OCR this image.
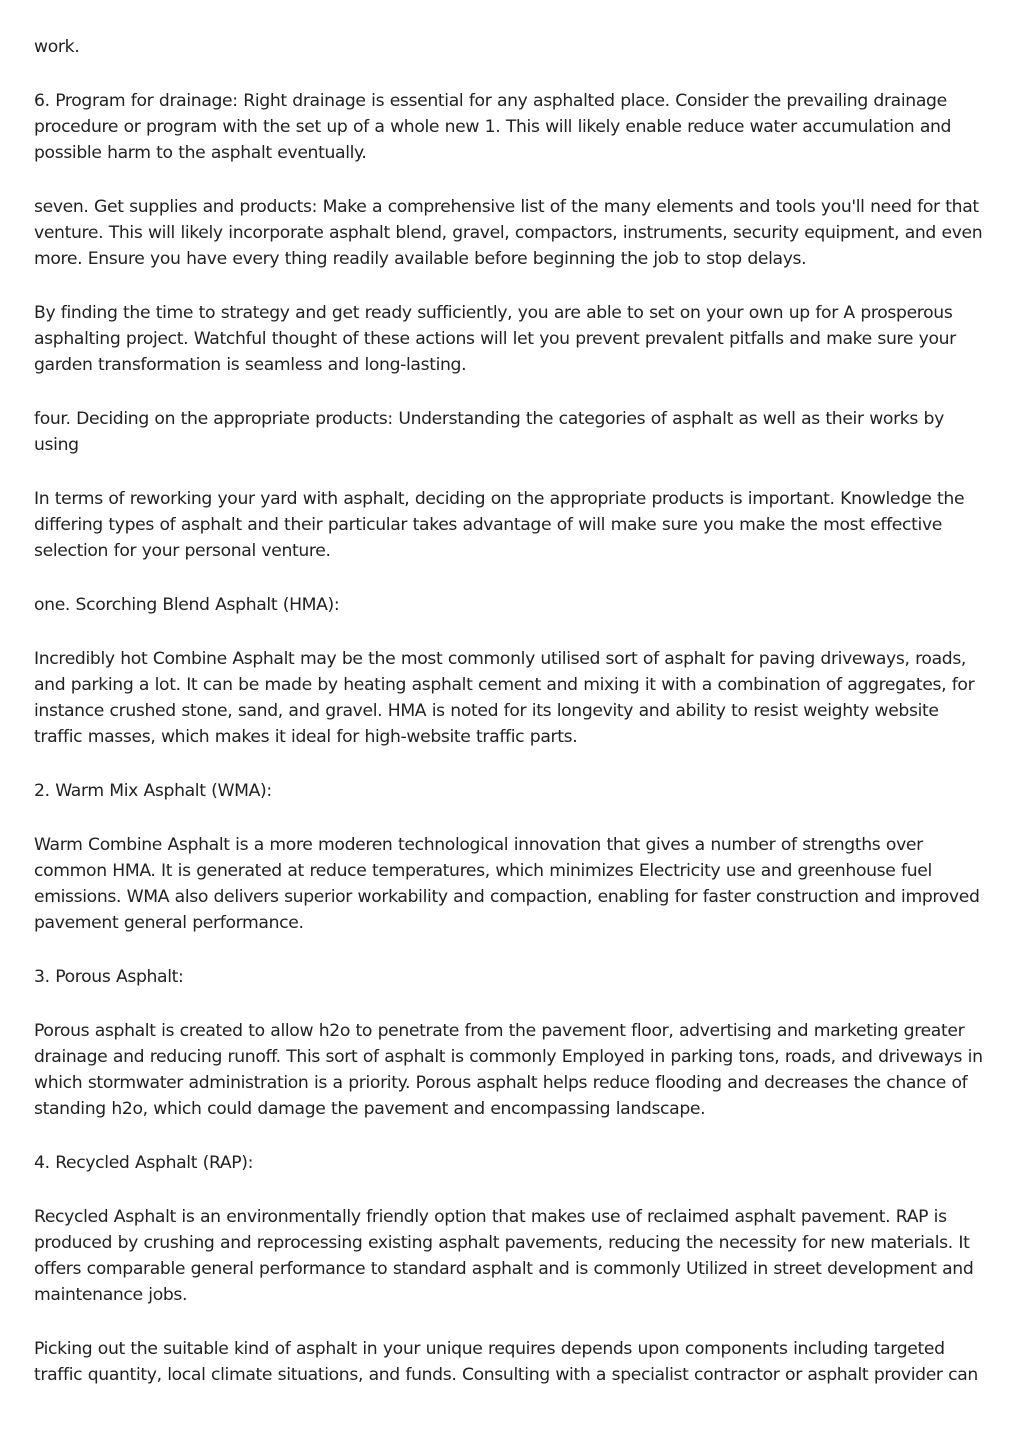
work.

6. Program for drainage: Right drainage is essential for any asphalted place. Consider the prevailing drainage procedure or program with the set up of a whole new 1. This will likely enable reduce water accumulation and possible harm to the asphalt eventually.

seven. Get supplies and products: Make a comprehensive list of the many elements and tools you'll need for that venture. This will likely incorporate asphalt blend, gravel, compactors, instruments, security equipment, and even more. Ensure you have every thing readily available before beginning the job to stop delays.

By finding the time to strategy and get ready sufficiently, you are able to set on your own up for A prosperous asphalting project. Watchful thought of these actions will let you prevent prevalent pitfalls and make sure your garden transformation is seamless and long-lasting.

four. Deciding on the appropriate products: Understanding the categories of asphalt as well as their works by using

In terms of reworking your yard with asphalt, deciding on the appropriate products is important. Knowledge the differing types of asphalt and their particular takes advantage of will make sure you make the most effective selection for your personal venture.

one. Scorching Blend Asphalt (HMA):

Incredibly hot Combine Asphalt may be the most commonly utilised sort of asphalt for paving driveways, roads, and parking a lot. It can be made by heating asphalt cement and mixing it with a combination of aggregates, for instance crushed stone, sand, and gravel. HMA is noted for its longevity and ability to resist weighty website traffic masses, which makes it ideal for high-website traffic parts.

2. Warm Mix Asphalt (WMA):

Warm Combine Asphalt is a more moderen technological innovation that gives a number of strengths over common HMA. It is generated at reduce temperatures, which minimizes Electricity use and greenhouse fuel emissions. WMA also delivers superior workability and compaction, enabling for faster construction and improved pavement general performance.

3. Porous Asphalt:

Porous asphalt is created to allow h2o to penetrate from the pavement floor, advertising and marketing greater drainage and reducing runoff. This sort of asphalt is commonly Employed in parking tons, roads, and driveways in which stormwater administration is a priority. Porous asphalt helps reduce flooding and decreases the chance of standing h2o, which could damage the pavement and encompassing landscape.

4. Recycled Asphalt (RAP):

Recycled Asphalt is an environmentally friendly option that makes use of reclaimed asphalt pavement. RAP is produced by crushing and reprocessing existing asphalt pavements, reducing the necessity for new materials. It offers comparable general performance to standard asphalt and is commonly Utilized in street development and maintenance jobs.

Picking out the suitable kind of asphalt in your unique requires depends upon components including targeted traffic quantity, local climate situations, and funds. Consulting with a specialist contractor or asphalt provider can
